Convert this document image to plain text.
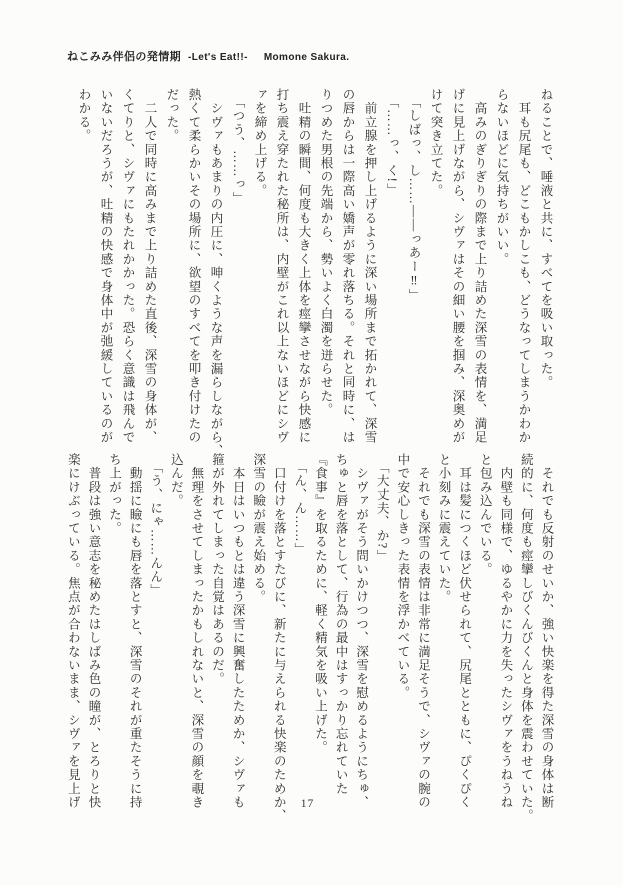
ねこみみ伴侶の発情期 -Let's Eat!!- Momone Sakura.

ねることで、唾液と共に、すべてを吸い取った。

　耳も尻尾も、どこもかしこも、どうなってしまうかわか

らないほどに気持ちがいい。

　高みのぎりぎりの際まで上り詰めた深雪の表情を、満足

げに見上げながら、シヴァはその細い腰を掴み、深奥めが

けて突き立てた。

　「しばっ、し……――っあー‼」

　「……っ、く!」

　前立腺を押し上げるように深い場所まで拓かれて、深雪

の唇からは一際高い嬌声が零れ落ちる。それと同時に、は

りつめた男根の先端から、勢いよく白濁を迸らせた。

　吐精の瞬間、何度も大きく上体を痙攣させながら快感に

打ち震え穿たれた秘所は、内壁がこれ以上ないほどにシヴ

ァを締め上げる。

　「つう、……っ」

　シヴァもあまりの内圧に、呻くような声を漏らしながら、

熱くて柔らかいその場所に、欲望のすべてを叩き付けたの

だった。

　二人で同時に高みまで上り詰めた直後、深雪の身体が、

くてりと、シヴァにもたれかかった。恐らく意識は飛んで

いないだろうが、吐精の快感で身体中が弛緩しているのが

わかる。

　それでも反射のせいか、強い快楽を得た深雪の身体は断

続的に、何度も痙攣しびくんびくんと身体を震わせていた。

　内壁も同様で、ゆるやかに力を失ったシヴァをうねうね

と包み込んでいる。

　耳は髪につくほど伏せられて、尻尾とともに、ぴくぴく

と小刻みに震えていた。

　それでも深雪の表情は非常に満足そうで、シヴァの腕の

中で安心しきった表情を浮かべている。

　「大丈夫、か?」

　シヴァがそう問いかけつつ、深雪を慰めるようにちゅ、

ちゅと唇を落として、行為の最中はすっかり忘れていた

『食事』を取るために、軽く精気を吸い上げた。

　「ん、ん……」

　口付けを落とすたびに、新たに与えられる快楽のためか、

深雪の瞼が震え始める。

　本日はいつもとは違う深雪に興奮したためか、シヴァも

箍が外れてしまった自覚はあるのだ。

　無理をさせてしまったかもしれないと、深雪の顔を覗き

込んだ。

　「う、にゃ……んん」

　動揺に瞼にも唇を落とすと、深雪のそれが重たそうに持

ち上がった。

　普段は強い意志を秘めたはしばみ色の瞳が、とろりと快

楽にけぶっている。焦点が合わないまま、シヴァを見上げ	17
